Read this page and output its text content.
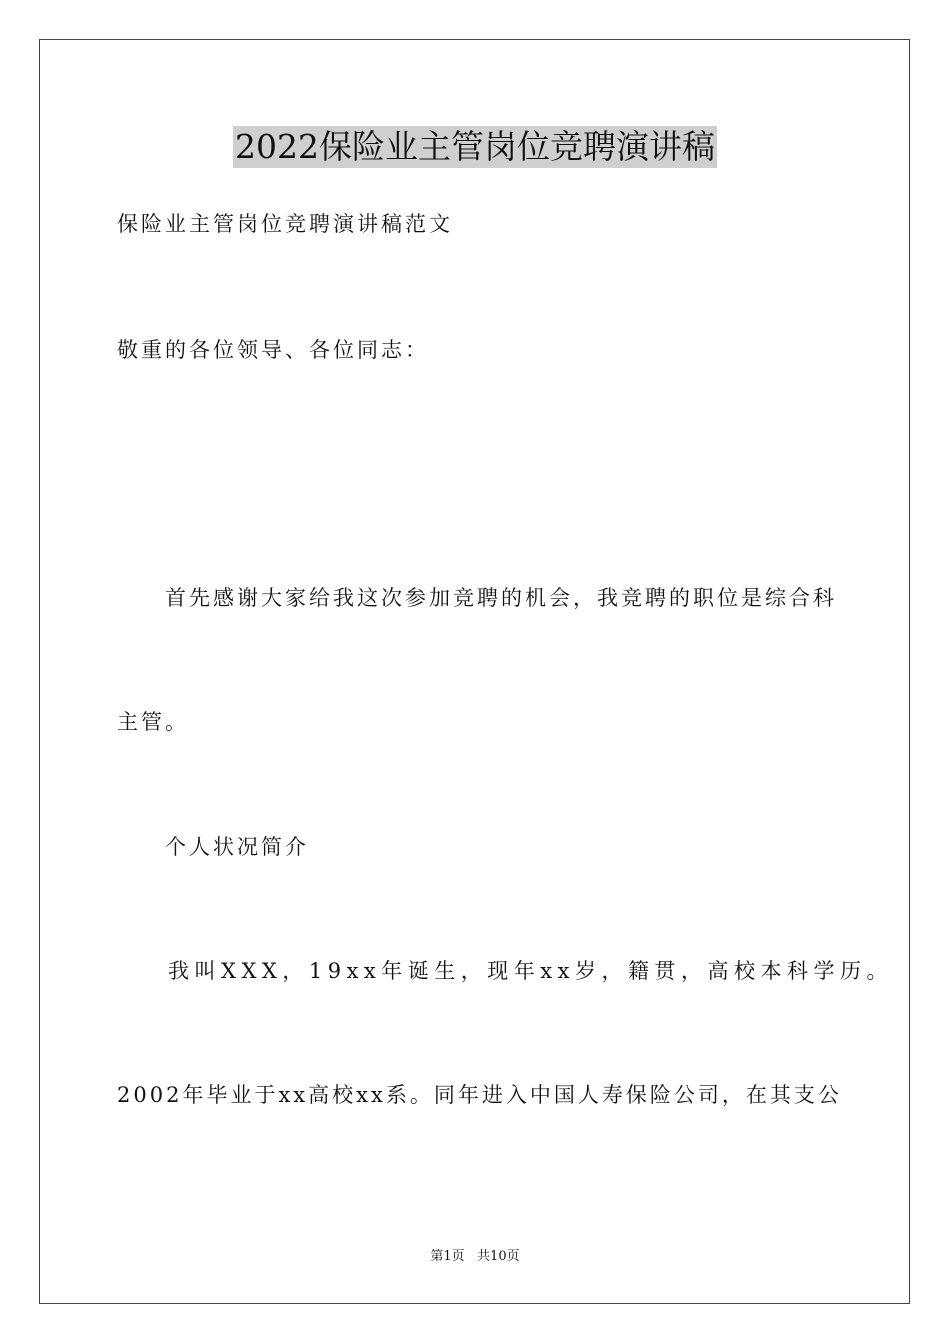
2022保险业主管岗位竞聘演讲稿
保险业主管岗位竞聘演讲稿范文
敬重的各位领导、各位同志：
首先感谢大家给我这次参加竞聘的机会，我竞聘的职位是综合科
主管。
个人状况简介
我叫XXX，19xx年诞生，现年xx岁，籍贯，高校本科学历。
2002年毕业于xx高校xx系。同年进入中国人寿保险公司，在其支公
第1页   共10页
